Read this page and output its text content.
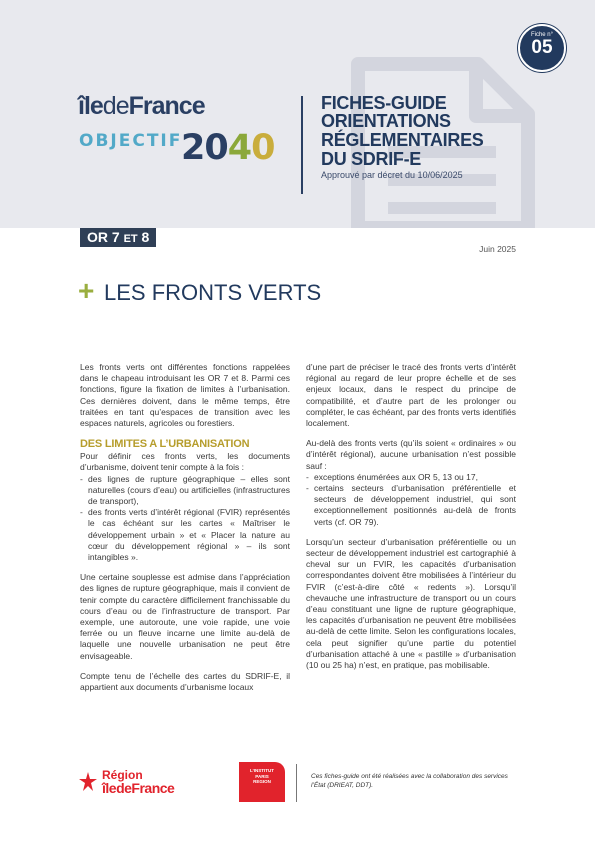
Fiche n°
05
îledeFrance
OBJECTIF
2040
FICHES-GUIDE
ORIENTATIONS
RÉGLEMENTAIRES
DU SDRIF-E
Approuvé par décret du 10/06/2025
OR 7 ET 8
Juin 2025
+ LES FRONTS VERTS

Les fronts verts ont différentes fonctions rappelées dans le chapeau introduisant les OR 7 et 8. Parmi ces fonctions, figure la fixation de limites à l’urbanisation. Ces dernières doivent, dans le même temps, être traitées en tant qu’espaces de transition avec les espaces naturels, agricoles ou forestiers.

DES LIMITES A L’URBANISATION

Pour définir ces fronts verts, les documents d’urbanisme, doivent tenir compte à la fois :

- des lignes de rupture géographique – elles sont naturelles (cours d’eau) ou artificielles (infrastructures de transport),
- des fronts verts d’intérêt régional (FVIR) représentés le cas échéant sur les cartes « Maîtriser le développement urbain » et « Placer la nature au cœur du développement régional » – ils sont intangibles ».

Une certaine souplesse est admise dans l’appréciation des lignes de rupture géographique, mais il convient de tenir compte du caractère difficilement franchissable du cours d’eau ou de l’infrastructure de transport. Par exemple, une autoroute, une voie rapide, une voie ferrée ou un fleuve incarne une limite au-delà de laquelle une nouvelle urbanisation ne peut être envisageable.

Compte tenu de l’échelle des cartes du SDRIF-E, il appartient aux documents d’urbanisme locaux

d’une part de préciser le tracé des fronts verts d’intérêt régional au regard de leur propre échelle et de ses enjeux locaux, dans le respect du principe de compatibilité, et d’autre part de les prolonger ou compléter, le cas échéant, par des fronts verts identifiés localement.

Au-delà des fronts verts (qu’ils soient « ordinaires » ou d’intérêt régional), aucune urbanisation n’est possible sauf :

- exceptions énumérées aux OR 5, 13 ou 17,
- certains secteurs d’urbanisation préférentielle et secteurs de développement industriel, qui sont exceptionnellement positionnés au-delà de fronts verts (cf. OR 79).

Lorsqu’un secteur d’urbanisation préférentielle ou un secteur de développement industriel est cartographié à cheval sur un FVIR, les capacités d’urbanisation correspondantes doivent être mobilisées à l’intérieur du FVIR (c’est-à-dire côté « redents »). Lorsqu’il chevauche une infrastructure de transport ou un cours d’eau constituant une ligne de rupture géographique, les capacités d’urbanisation ne peuvent être mobilisées au-delà de cette limite. Selon les configurations locales, cela peut signifier qu’une partie du potentiel d’urbanisation attaché à une « pastille » d’urbanisation (10 ou 25 ha) n’est, en pratique, pas mobilisable.

Région
îledeFrance
L’INSTITUT
PARIS
REGION
Ces fiches-guide ont été réalisées avec la collaboration des services l’État (DRIEAT, DDT).
